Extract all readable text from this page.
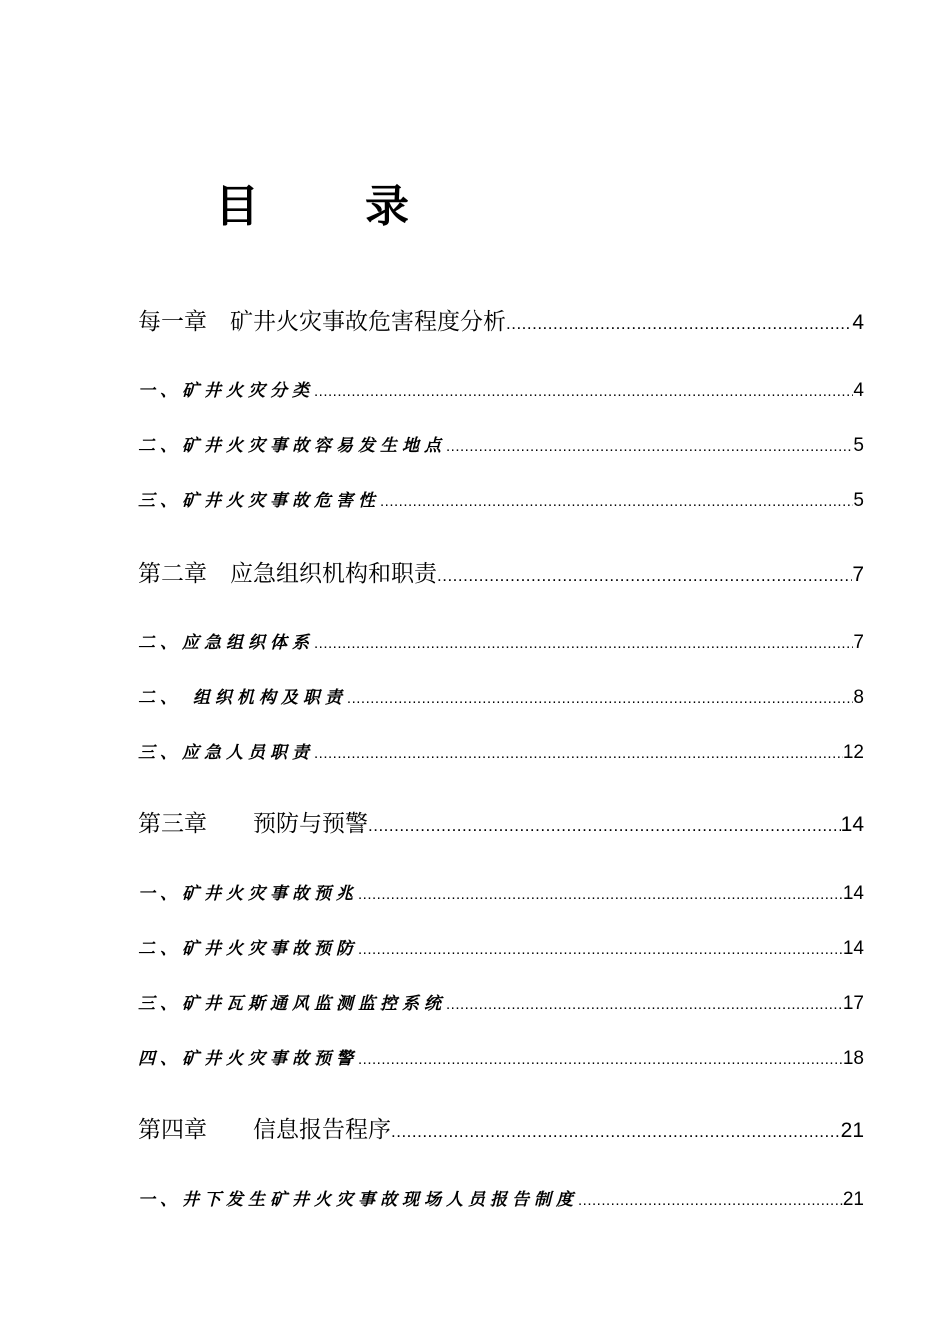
目	录
每一章　矿井火灾事故危害程度分析 .....	4
一、矿井火灾分类 .....	4
二、矿井火灾事故容易发生地点 .....	5
三、矿井火灾事故危害性 .....	5
第二章　应急组织机构和职责 .....	7
二、应急组织体系 .....	7
二、 组织机构及职责 .....	8
三、应急人员职责 .....	12
第三章　　预防与预警 .....	14
一、矿井火灾事故预兆 .....	14
二、矿井火灾事故预防 .....	14
三、矿井瓦斯通风监测监控系统 .....	17
四、矿井火灾事故预警 .....	18
第四章　　信息报告程序 .....	21
一、井下发生矿井火灾事故现场人员报告制度 .....	21
